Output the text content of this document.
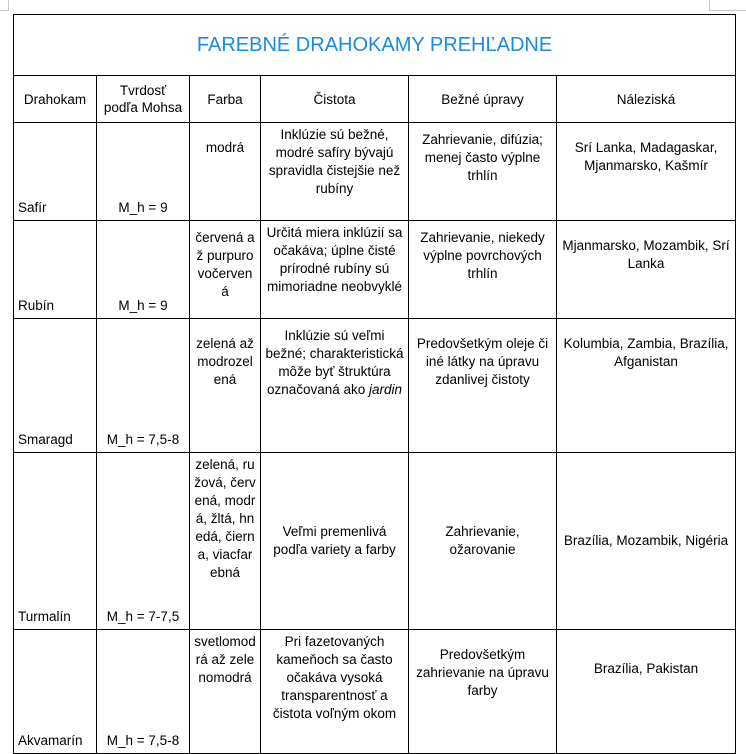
FAREBNÉ DRAHOKAMY PREHĽADNE					
Drahokam	Tvrdosť podľa Mohsa	Farba	Čistota	Bežné úpravy	Náleziská
Safír	M_h = 9	modrá	Inklúzie sú bežné, modré safíry bývajú spravidla čistejšie než rubíny	Zahrievanie, difúzia; menej často výplne trhlín	Srí Lanka, Madagaskar, Mjanmarsko, Kašmír
Rubín	M_h = 9	červená až purpurovočervená	Určitá miera inklúzií sa očakáva; úplne čisté prírodné rubíny sú mimoriadne neobvyklé	Zahrievanie, niekedy výplne povrchových trhlín	Mjanmarsko, Mozambik, Srí Lanka
Smaragd	M_h = 7,5-8	zelená až modrozelená	Inklúzie sú veľmi bežné; charakteristická môže byť štruktúra označovaná ako jardin	Predovšetkým oleje či iné látky na úpravu zdanlivej čistoty	Kolumbia, Zambia, Brazília, Afganistan
Turmalín	M_h = 7-7,5	zelená, ružová, červená, modrá, žltá, hnedá, čierna, viacfarebná	Veľmi premenlivá podľa variety a farby	Zahrievanie, ožarovanie	Brazília, Mozambik, Nigéria
Akvamarín	M_h = 7,5-8	svetlomodrá až zelenomodrá	Pri fazetovaných kameňoch sa často očakáva vysoká transparentnosť a čistota voľným okom	Predovšetkým zahrievanie na úpravu farby	Brazília, Pakistan
